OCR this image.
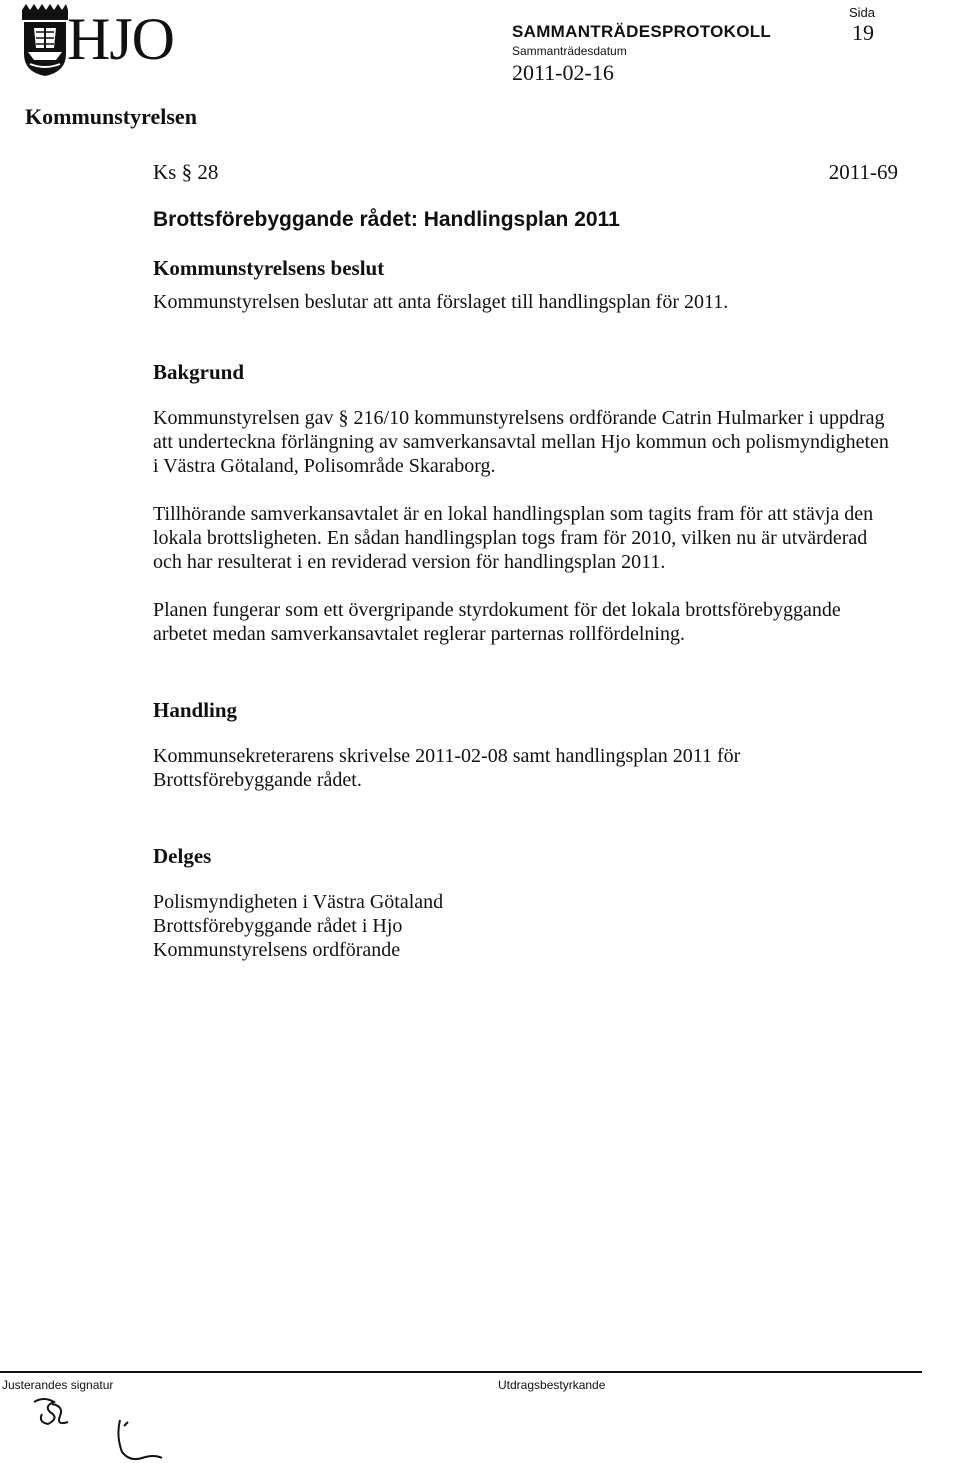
HJO	SAMMANTRÄDESPROTOKOLL
Sammanträdesdatum
2011-02-16
Sida
19
Kommunstyrelsen
Ks § 28	2011-69
Brottsförebyggande rådet: Handlingsplan 2011
Kommunstyrelsens beslut

Kommunstyrelsen beslutar att anta förslaget till handlingsplan för 2011.

Bakgrund

Kommunstyrelsen gav § 216/10 kommunstyrelsens ordförande Catrin Hulmarker i uppdrag att underteckna förlängning av samverkansavtal mellan Hjo kommun och polismyndigheten i Västra Götaland, Polisområde Skaraborg.

Tillhörande samverkansavtalet är en lokal handlingsplan som tagits fram för att stävja den lokala brottsligheten. En sådan handlingsplan togs fram för 2010, vilken nu är utvärderad och har resulterat i en reviderad version för handlingsplan 2011.

Planen fungerar som ett övergripande styrdokument för det lokala brottsförebyggande arbetet medan samverkansavtalet reglerar parternas rollfördelning.

Handling

Kommunsekreterarens skrivelse 2011-02-08 samt handlingsplan 2011 för Brottsförebyggande rådet.

Delges

Polismyndigheten i Västra Götaland

Brottsförebyggande rådet i Hjo

Kommunstyrelsens ordförande

Justerandes signatur	Utdragsbestyrkande
